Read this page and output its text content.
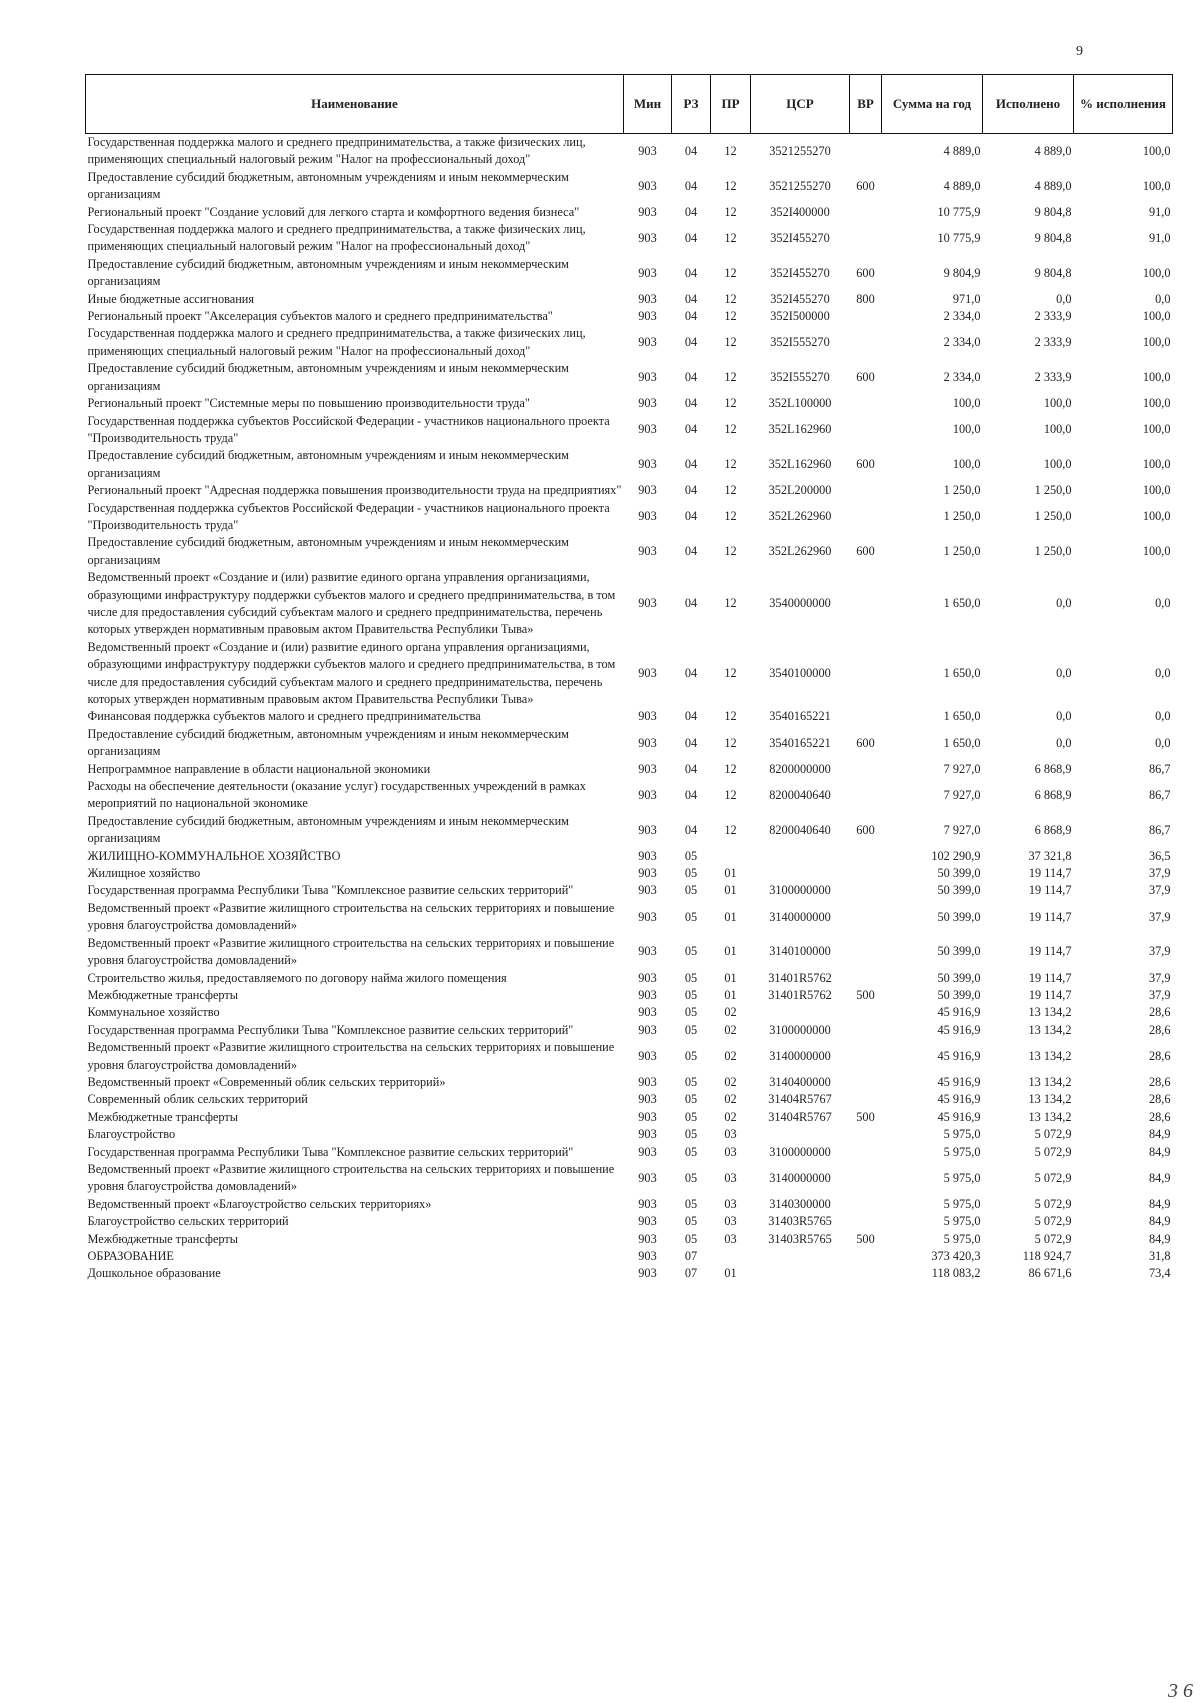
9
Наименование	Мин	РЗ	ПР	ЦСР	ВР	Сумма на год	Исполнено	% исполнения
Государственная поддержка малого и среднего предпринимательства, а также физических лиц, применяющих специальный налоговый режим "Налог на профессиональный доход"	903	04	12	3521255270		4 889,0	4 889,0	100,0
Предоставление субсидий бюджетным, автономным учреждениям и иным некоммерческим организациям	903	04	12	3521255270	600	4 889,0	4 889,0	100,0
Региональный проект "Создание условий для легкого старта и комфортного ведения бизнеса"	903	04	12	352I400000		10 775,9	9 804,8	91,0
Государственная поддержка малого и среднего предпринимательства, а также физических лиц, применяющих специальный налоговый режим "Налог на профессиональный доход"	903	04	12	352I455270		10 775,9	9 804,8	91,0
Предоставление субсидий бюджетным, автономным учреждениям и иным некоммерческим организациям	903	04	12	352I455270	600	9 804,9	9 804,8	100,0
Иные бюджетные ассигнования	903	04	12	352I455270	800	971,0	0,0	0,0
Региональный проект "Акселерация субъектов малого и среднего предпринимательства"	903	04	12	352I500000		2 334,0	2 333,9	100,0
Государственная поддержка малого и среднего предпринимательства, а также физических лиц, применяющих специальный налоговый режим "Налог на профессиональный доход"	903	04	12	352I555270		2 334,0	2 333,9	100,0
Предоставление субсидий бюджетным, автономным учреждениям и иным некоммерческим организациям	903	04	12	352I555270	600	2 334,0	2 333,9	100,0
Региональный проект "Системные меры по повышению производительности труда"	903	04	12	352L100000		100,0	100,0	100,0
Государственная поддержка субъектов Российской Федерации - участников национального проекта "Производительность труда"	903	04	12	352L162960		100,0	100,0	100,0
Предоставление субсидий бюджетным, автономным учреждениям и иным некоммерческим организациям	903	04	12	352L162960	600	100,0	100,0	100,0
Региональный проект "Адресная поддержка повышения производительности труда на предприятиях"	903	04	12	352L200000		1 250,0	1 250,0	100,0
Государственная поддержка субъектов Российской Федерации - участников национального проекта "Производительность труда"	903	04	12	352L262960		1 250,0	1 250,0	100,0
Предоставление субсидий бюджетным, автономным учреждениям и иным некоммерческим организациям	903	04	12	352L262960	600	1 250,0	1 250,0	100,0
Ведомственный проект «Создание и (или) развитие единого органа управления организациями, образующими инфраструктуру поддержки субъектов малого и среднего предпринимательства, в том числе для предоставления субсидий субъектам малого и среднего предпринимательства, перечень которых утвержден нормативным правовым актом Правительства Республики Тыва»	903	04	12	3540000000		1 650,0	0,0	0,0
Ведомственный проект «Создание и (или) развитие единого органа управления организациями, образующими инфраструктуру поддержки субъектов малого и среднего предпринимательства, в том числе для предоставления субсидий субъектам малого и среднего предпринимательства, перечень которых утвержден нормативным правовым актом Правительства Республики Тыва»	903	04	12	3540100000		1 650,0	0,0	0,0
Финансовая поддержка субъектов малого и среднего предпринимательства	903	04	12	3540165221		1 650,0	0,0	0,0
Предоставление субсидий бюджетным, автономным учреждениям и иным некоммерческим организациям	903	04	12	3540165221	600	1 650,0	0,0	0,0
Непрограммное направление в области национальной экономики	903	04	12	8200000000		7 927,0	6 868,9	86,7
Расходы на обеспечение деятельности (оказание услуг) государственных учреждений в рамках мероприятий по национальной экономике	903	04	12	8200040640		7 927,0	6 868,9	86,7
Предоставление субсидий бюджетным, автономным учреждениям и иным некоммерческим организациям	903	04	12	8200040640	600	7 927,0	6 868,9	86,7
ЖИЛИЩНО-КОММУНАЛЬНОЕ ХОЗЯЙСТВО	903	05				102 290,9	37 321,8	36,5
Жилищное хозяйство	903	05	01			50 399,0	19 114,7	37,9
Государственная программа Республики Тыва "Комплексное развитие сельских территорий"	903	05	01	3100000000		50 399,0	19 114,7	37,9
Ведомственный проект «Развитие жилищного строительства на сельских территориях и повышение уровня благоустройства домовладений»	903	05	01	3140000000		50 399,0	19 114,7	37,9
Ведомственный проект «Развитие жилищного строительства на сельских территориях и повышение уровня благоустройства домовладений»	903	05	01	3140100000		50 399,0	19 114,7	37,9
Строительство жилья, предоставляемого по договору найма жилого помещения	903	05	01	31401R5762		50 399,0	19 114,7	37,9
Межбюджетные трансферты	903	05	01	31401R5762	500	50 399,0	19 114,7	37,9
Коммунальное хозяйство	903	05	02			45 916,9	13 134,2	28,6
Государственная программа Республики Тыва "Комплексное развитие сельских территорий"	903	05	02	3100000000		45 916,9	13 134,2	28,6
Ведомственный проект «Развитие жилищного строительства на сельских территориях и повышение уровня благоустройства домовладений»	903	05	02	3140000000		45 916,9	13 134,2	28,6
Ведомственный проект «Современный облик сельских территорий»	903	05	02	3140400000		45 916,9	13 134,2	28,6
Современный облик сельских территорий	903	05	02	31404R5767		45 916,9	13 134,2	28,6
Межбюджетные трансферты	903	05	02	31404R5767	500	45 916,9	13 134,2	28,6
Благоустройство	903	05	03			5 975,0	5 072,9	84,9
Государственная программа Республики Тыва "Комплексное развитие сельских территорий"	903	05	03	3100000000		5 975,0	5 072,9	84,9
Ведомственный проект «Развитие жилищного строительства на сельских территориях и повышение уровня благоустройства домовладений»	903	05	03	3140000000		5 975,0	5 072,9	84,9
Ведомственный проект «Благоустройство сельских территориях»	903	05	03	3140300000		5 975,0	5 072,9	84,9
Благоустройство сельских территорий	903	05	03	31403R5765		5 975,0	5 072,9	84,9
Межбюджетные трансферты	903	05	03	31403R5765	500	5 975,0	5 072,9	84,9
ОБРАЗОВАНИЕ	903	07				373 420,3	118 924,7	31,8
Дошкольное образование	903	07	01			118 083,2	86 671,6	73,4
3 6
